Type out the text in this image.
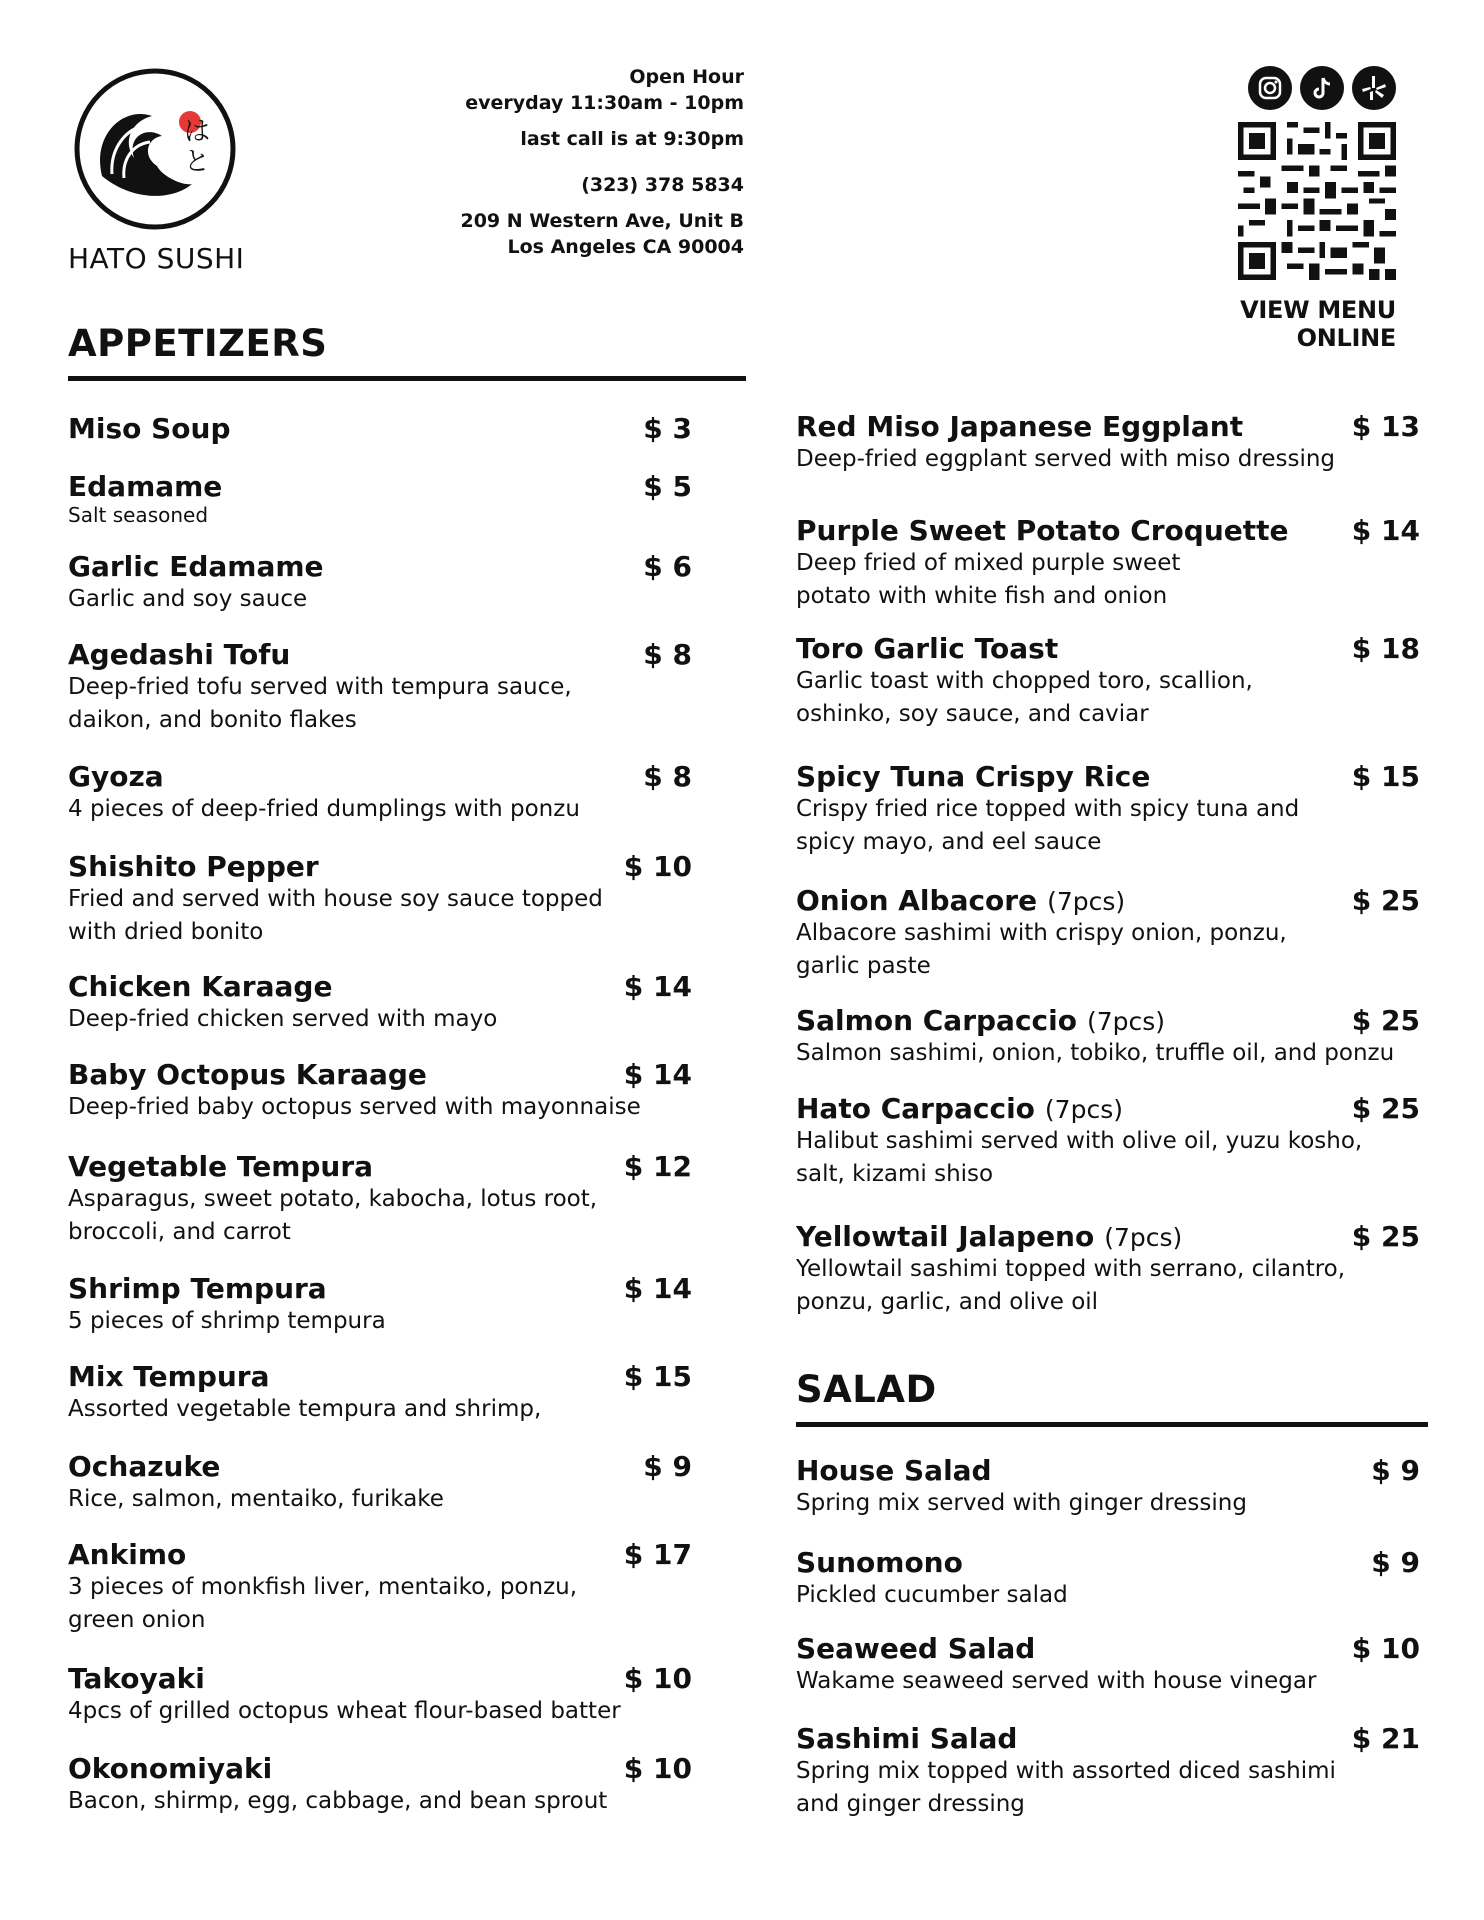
は
と
HATO SUSHI
Open Hour
everyday 11:30am - 10pm
last call is at 9:30pm
(323) 378 5834
209 N Western Ave, Unit B
Los Angeles CA 90004
VIEW MENU ONLINE
APPETIZERS
Miso Soup	$ 3
Edamame
Salt seasoned
$ 5
Garlic Edamame
Garlic and soy sauce
$ 6
Agedashi Tofu
Deep-fried tofu served with tempura sauce,
daikon, and bonito flakes
$ 8
Gyoza
4 pieces of deep-fried dumplings with ponzu
$ 8
Shishito Pepper
Fried and served with house soy sauce topped
with dried bonito
$ 10
Chicken Karaage
Deep-fried chicken served with mayo
$ 14
Baby Octopus Karaage
Deep-fried baby octopus served with mayonnaise
$ 14
Vegetable Tempura
Asparagus, sweet potato, kabocha, lotus root,
broccoli, and carrot
$ 12
Shrimp Tempura
5 pieces of shrimp tempura
$ 14
Mix Tempura
Assorted vegetable tempura and shrimp,
$ 15
Ochazuke
Rice, salmon, mentaiko, furikake
$ 9
Ankimo
3 pieces of monkfish liver, mentaiko, ponzu,
green onion
$ 17
Takoyaki
4pcs of grilled octopus wheat flour-based batter
$ 10
Okonomiyaki
Bacon, shirmp, egg, cabbage, and bean sprout
$ 10
Red Miso Japanese Eggplant
Deep-fried eggplant served with miso dressing
$ 13
Purple Sweet Potato Croquette
Deep fried of mixed purple sweet
potato with white fish and onion
$ 14
Toro Garlic Toast
Garlic toast with chopped toro, scallion,
oshinko, soy sauce, and caviar
$ 18
Spicy Tuna Crispy Rice
Crispy fried rice topped with spicy tuna and
spicy mayo, and eel sauce
$ 15
Onion Albacore (7pcs)
Albacore sashimi with crispy onion, ponzu,
garlic paste
$ 25
Salmon Carpaccio (7pcs)
Salmon sashimi, onion, tobiko, truffle oil, and ponzu
$ 25
Hato Carpaccio (7pcs)
Halibut sashimi served with olive oil, yuzu kosho,
salt, kizami shiso
$ 25
Yellowtail Jalapeno (7pcs)
Yellowtail sashimi topped with serrano, cilantro,
ponzu, garlic, and olive oil
$ 25
SALAD
House Salad
Spring mix served with ginger dressing
$ 9
Sunomono
Pickled cucumber salad
$ 9
Seaweed Salad
Wakame seaweed served with house vinegar
$ 10
Sashimi Salad
Spring mix topped with assorted diced sashimi
and ginger dressing
$ 21
